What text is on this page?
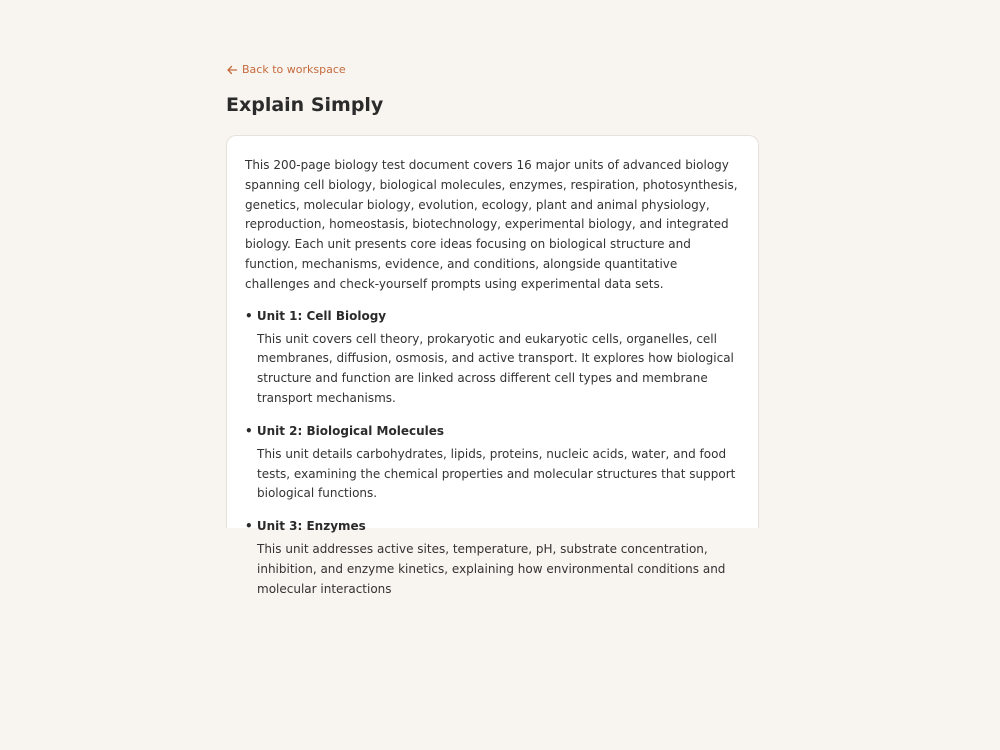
Back to workspace
Explain Simply

This 200-page biology test document covers 16 major units of advanced biology spanning cell biology, biological molecules, enzymes, respiration, photosynthesis, genetics, molecular biology, evolution, ecology, plant and animal physiology, reproduction, homeostasis, biotechnology, experimental biology, and integrated biology. Each unit presents core ideas focusing on biological structure and function, mechanisms, evidence, and conditions, alongside quantitative challenges and check-yourself prompts using experimental data sets.

• Unit 1: Cell Biology

This unit covers cell theory, prokaryotic and eukaryotic cells, organelles, cell membranes, diffusion, osmosis, and active transport. It explores how biological structure and function are linked across different cell types and membrane transport mechanisms.

• Unit 2: Biological Molecules

This unit details carbohydrates, lipids, proteins, nucleic acids, water, and food tests, examining the chemical properties and molecular structures that support biological functions.

• Unit 3: Enzymes

This unit addresses active sites, temperature, pH, substrate concentration, inhibition, and enzyme kinetics, explaining how environmental conditions and molecular interactions
